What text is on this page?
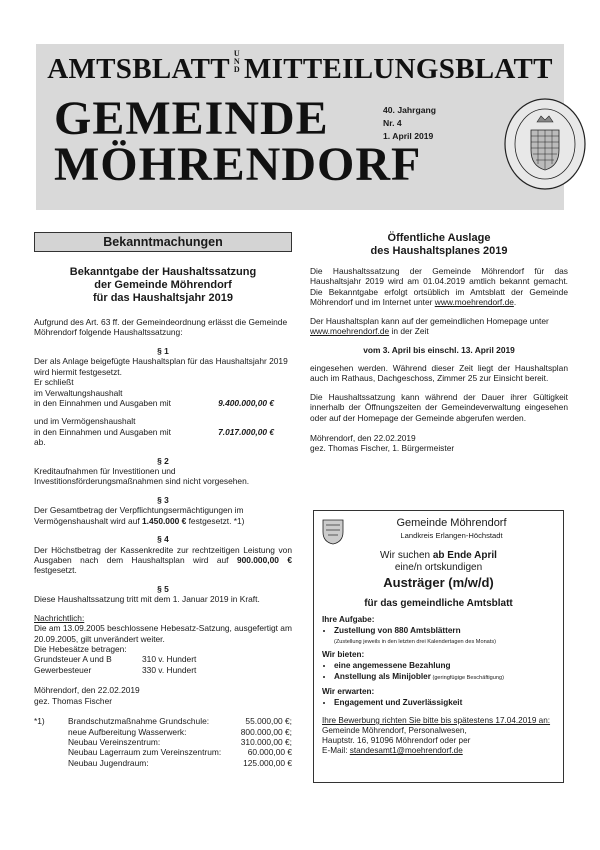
AMTSBLATT U
N
D MITTEILUNGSBLATT
GEMEINDE
MÖHRENDORF
40. Jahrgang
Nr. 4
1. April 2019
Bekanntmachungen
Bekanntgabe der Haushaltssatzung
der Gemeinde Möhrendorf
für das Haushaltsjahr 2019

Aufgrund des Art. 63 ff. der Gemeindeordnung erlässt die Gemeinde Möhrendorf folgende Haushaltssatzung:

§ 1

Der als Anlage beigefügte Haushaltsplan für das Haushaltsjahr 2019 wird hiermit festgesetzt.
Er schließt
im Verwaltungshaushalt
in den Einnahmen und Ausgaben mit	9.400.000,00 €
und im Vermögenshaushalt
in den Einnahmen und Ausgaben mit	7.017.000,00 €
ab.

§ 2

Kreditaufnahmen für Investitionen und Investitionsförderungsmaßnahmen sind nicht vorgesehen.

§ 3

Der Gesamtbetrag der Verpflichtungsermächtigungen im Vermögenshaushalt wird auf 1.450.000 € festgesetzt. *1)

§ 4

Der Höchstbetrag der Kassenkredite zur rechtzeitigen Leistung von Ausgaben nach dem Haushaltsplan wird auf 900.000,00 € festgesetzt.

§ 5

Diese Haushaltssatzung tritt mit dem 1. Januar 2019 in Kraft.

Nachrichtlich:

Die am 13.09.2005 beschlossene Hebesatz-Satzung, ausgefertigt am 20.09.2005, gilt unverändert weiter.
Die Hebesätze betragen:
Grundsteuer A und B	310 v. Hundert
Gewerbesteuer	330 v. Hundert

Möhrendorf, den 22.02.2019

gez. Thomas Fischer
*1)	Brandschutzmaßnahme Grundschule:	55.000,00 €;
neue Aufbereitung Wasserwerk:	800.000,00 €;
Neubau Vereinszentrum:	310.000,00 €;
Neubau Lagerraum zum Vereinszentrum:	60.000,00 €
Neubau Jugendraum:	125.000,00 €
Öffentliche Auslage
des Haushaltsplanes 2019

Die Haushaltssatzung der Gemeinde Möhrendorf für das Haushaltsjahr 2019 wird am 01.04.2019 amtlich bekannt gemacht. Die Bekanntgabe erfolgt ortsüblich im Amtsblatt der Gemeinde Möhrendorf und im Internet unter www.moehrendorf.de.

Der Haushaltsplan kann auf der gemeindlichen Homepage unter www.moehrendorf.de in der Zeit

vom 3. April bis einschl. 13. April 2019

eingesehen werden. Während dieser Zeit liegt der Haushaltsplan auch im Rathaus, Dachgeschoss, Zimmer 25 zur Einsicht bereit.

Die Haushaltssatzung kann während der Dauer ihrer Gültigkeit innerhalb der Öffnungszeiten der Gemeindeverwaltung eingesehen oder auf der Homepage der Gemeinde abgerufen werden.

Möhrendorf, den 22.02.2019

gez. Thomas Fischer, 1. Bürgermeister
Gemeinde Möhrendorf
Landkreis Erlangen-Höchstadt
Wir suchen ab Ende April
eine/n ortskundigen
Austräger (m/w/d)
für das gemeindliche Amtsblatt
Ihre Aufgabe:
• Zustellung von 880 Amtsblättern
(Zustellung jeweils in den letzten drei Kalendertagen des Monats)
Wir bieten:
• eine angemessene Bezahlung
• Anstellung als Minijobler (geringfügige Beschäftigung)
Wir erwarten:
• Engagement und Zuverlässigkeit
Ihre Bewerbung richten Sie bitte bis spätestens 17.04.2019 an:
Gemeinde Möhrendorf, Personalwesen,
Hauptstr. 16, 91096 Möhrendorf oder per
E-Mail: standesamt1@moehrendorf.de
